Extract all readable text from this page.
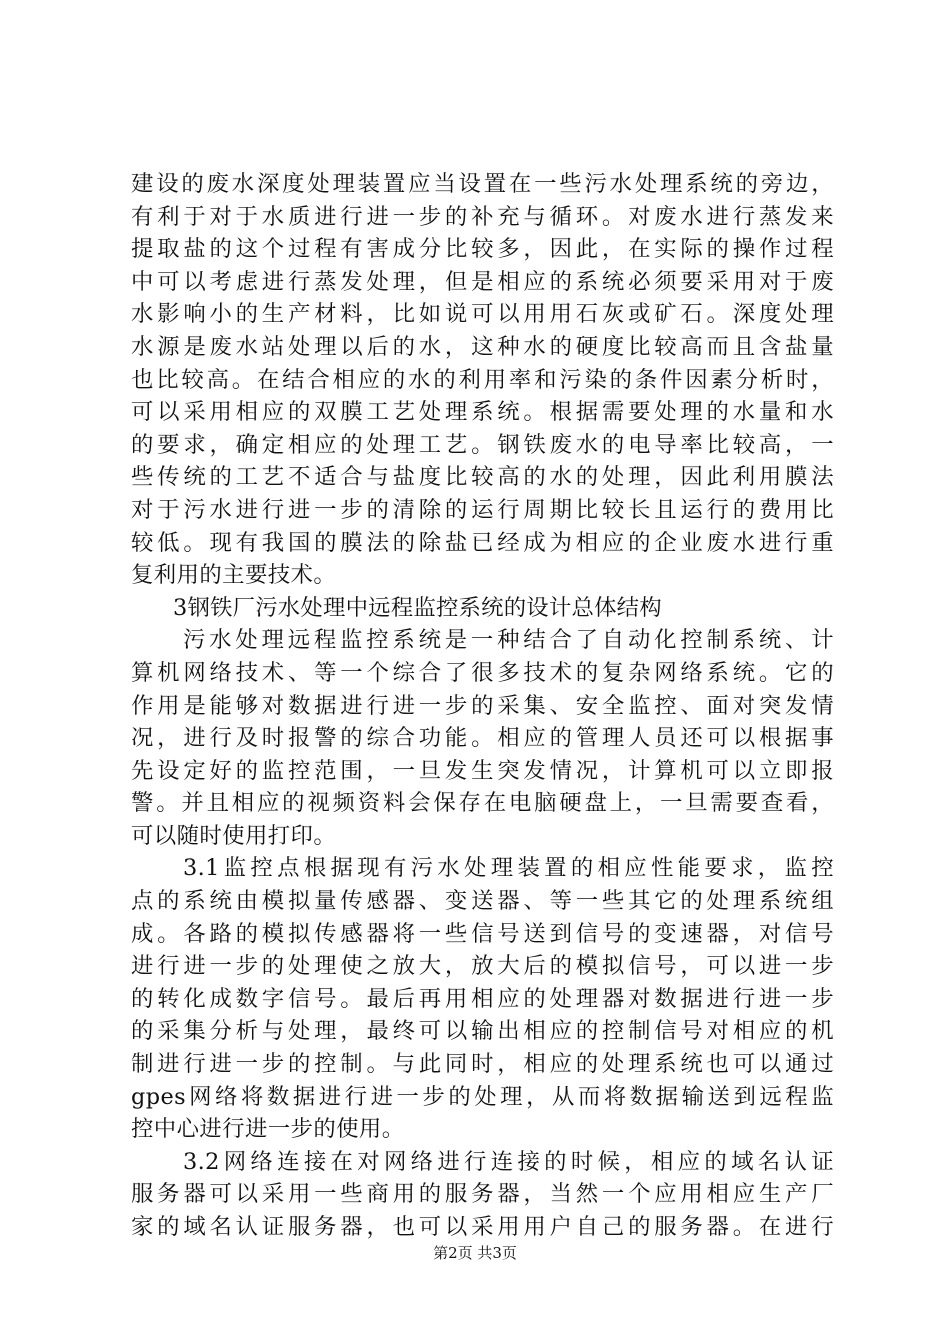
建设的废水深度处理装置应当设置在一些污水处理系统的旁边，
有利于对于水质进行进一步的补充与循环。对废水进行蒸发来
提取盐的这个过程有害成分比较多，因此，在实际的操作过程
中可以考虑进行蒸发处理，但是相应的系统必须要采用对于废
水影响小的生产材料，比如说可以用用石灰或矿石。深度处理
水源是废水站处理以后的水，这种水的硬度比较高而且含盐量
也比较高。在结合相应的水的利用率和污染的条件因素分析时，
可以采用相应的双膜工艺处理系统。根据需要处理的水量和水
的要求，确定相应的处理工艺。钢铁废水的电导率比较高，一
些传统的工艺不适合与盐度比较高的水的处理，因此利用膜法
对于污水进行进一步的清除的运行周期比较长且运行的费用比
较低。现有我国的膜法的除盐已经成为相应的企业废水进行重
复利用的主要技术。
3钢铁厂污水处理中远程监控系统的设计总体结构
污水处理远程监控系统是一种结合了自动化控制系统、计
算机网络技术、等一个综合了很多技术的复杂网络系统。它的
作用是能够对数据进行进一步的采集、安全监控、面对突发情
况，进行及时报警的综合功能。相应的管理人员还可以根据事
先设定好的监控范围，一旦发生突发情况，计算机可以立即报
警。并且相应的视频资料会保存在电脑硬盘上，一旦需要查看，
可以随时使用打印。
3.1监控点根据现有污水处理装置的相应性能要求，监控
点的系统由模拟量传感器、变送器、等一些其它的处理系统组
成。各路的模拟传感器将一些信号送到信号的变速器，对信号
进行进一步的处理使之放大，放大后的模拟信号，可以进一步
的转化成数字信号。最后再用相应的处理器对数据进行进一步
的采集分析与处理，最终可以输出相应的控制信号对相应的机
制进行进一步的控制。与此同时，相应的处理系统也可以通过
gpes网络将数据进行进一步的处理，从而将数据输送到远程监
控中心进行进一步的使用。
3.2网络连接在对网络进行连接的时候，相应的域名认证
服务器可以采用一些商用的服务器，当然一个应用相应生产厂
家的域名认证服务器，也可以采用用户自己的服务器。在进行
第2页 共3页
